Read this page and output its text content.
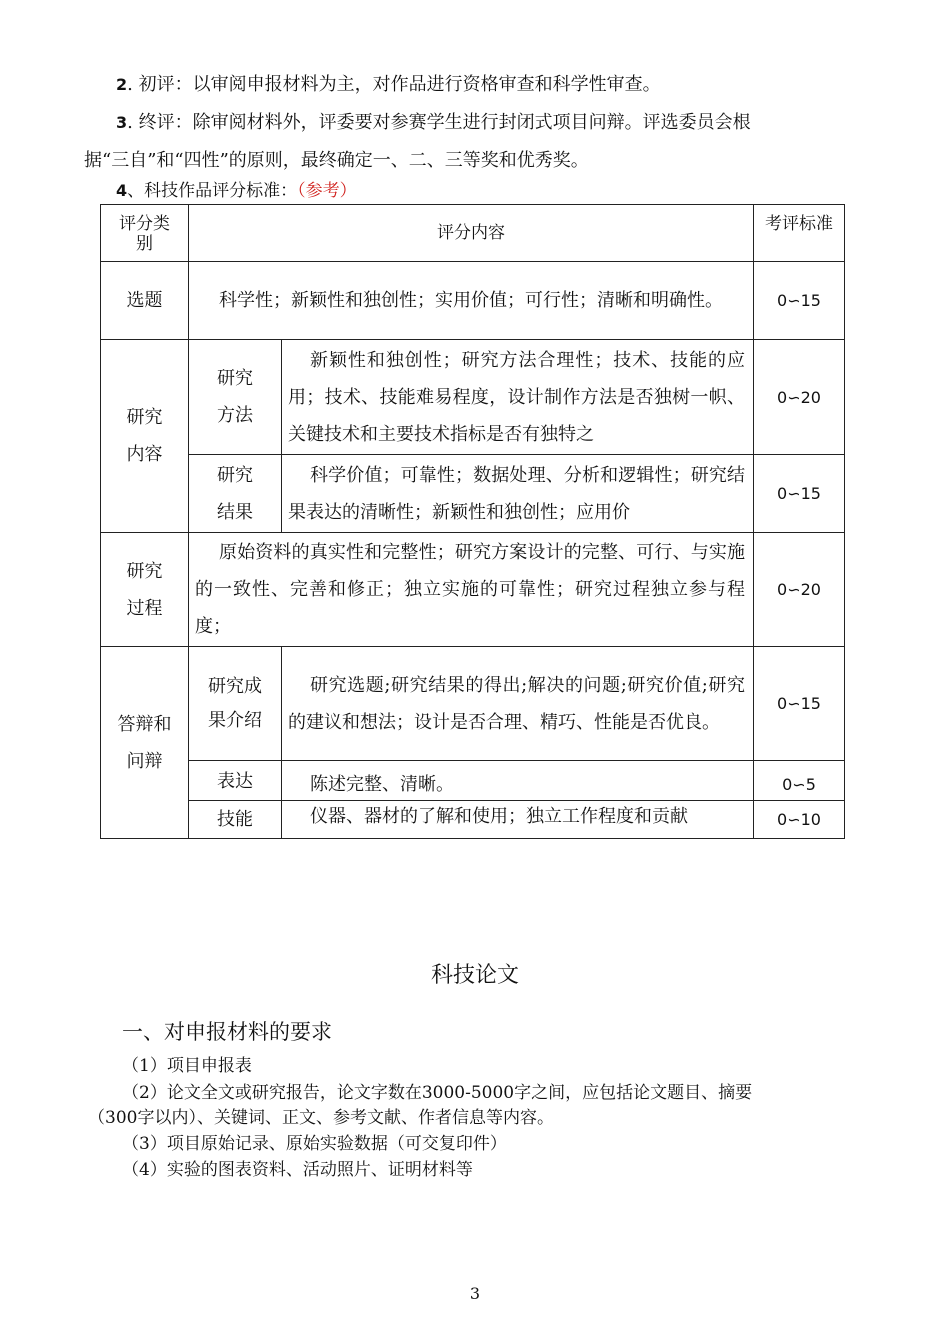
2. 初评：以审阅申报材料为主，对作品进行资格审查和科学性审查。
3. 终评：除审阅材料外，评委要对参赛学生进行封闭式项目问辩。评选委员会根
据“三自”和“四性”的原则，最终确定一、二、三等奖和优秀奖。
4、科技作品评分标准：（参考）
评分类别	评分内容		考评标准

选题	科学性；新颖性和独创性；实用价值；可行性；清晰和明确性。		0∽15

研究内容	研究方法	新颖性和独创性；研究方法合理性；技术、技能的应用；技术、技能难易程度，设计制作方法是否独树一帜、关键技术和主要技术指标是否有独特之	0∽20

	研究结果	科学价值；可靠性；数据处理、分析和逻辑性；研究结果表达的清晰性；新颖性和独创性；应用价	0∽15

研究过程	原始资料的真实性和完整性；研究方案设计的完整、可行、与实施的一致性、完善和修正；独立实施的可靠性；研究过程独立参与程度；		0∽20

答辩和问辩	研究成果介绍	研究选题;研究结果的得出;解决的问题;研究价值;研究的建议和想法；设计是否合理、精巧、性能是否优良。	0∽15
	表达	陈述完整、清晰。	0∽5
	技能	仪器、器材的了解和使用；独立工作程度和贡献	0∽10
科技论文
一、对申报材料的要求
（1）项目申报表
（2）论文全文或研究报告，论文字数在3000-5000字之间，应包括论文题目、摘要
（300字以内）、关键词、正文、参考文献、作者信息等内容。
（3）项目原始记录、原始实验数据（可交复印件）
（4）实验的图表资料、活动照片、证明材料等
3
